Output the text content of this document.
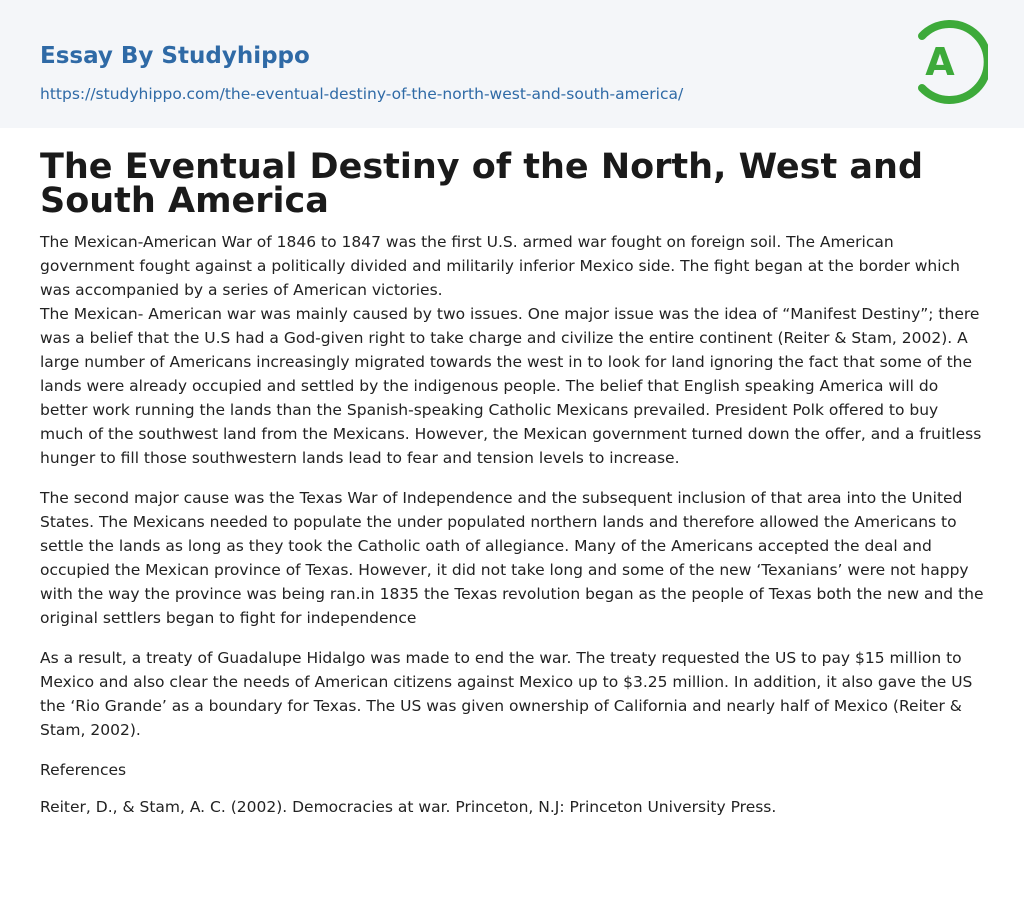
Essay By Studyhippo
https://studyhippo.com/the-eventual-destiny-of-the-north-west-and-south-america/
A
The Eventual Destiny of the North, West and South America

The Mexican-American War of 1846 to 1847 was the first U.S. armed war fought on foreign soil. The American government fought against a politically divided and militarily inferior Mexico side. The fight began at the border which was accompanied by a series of American victories.

The Mexican- American war was mainly caused by two issues. One major issue was the idea of “Manifest Destiny”; there was a belief that the U.S had a God-given right to take charge and civilize the entire continent (Reiter & Stam, 2002). A large number of Americans increasingly migrated towards the west in to look for land ignoring the fact that some of the lands were already occupied and settled by the indigenous people. The belief that English speaking America will do better work running the lands than the Spanish-speaking Catholic Mexicans prevailed. President Polk offered to buy much of the southwest land from the Mexicans. However, the Mexican government turned down the offer, and a fruitless hunger to fill those southwestern lands lead to fear and tension levels to increase.

The second major cause was the Texas War of Independence and the subsequent inclusion of that area into the United States. The Mexicans needed to populate the under populated northern lands and therefore allowed the Americans to settle the lands as long as they took the Catholic oath of allegiance. Many of the Americans accepted the deal and occupied the Mexican province of Texas. However, it did not take long and some of the new ‘Texanians’ were not happy with the way the province was being ran.in 1835 the Texas revolution began as the people of Texas both the new and the original settlers began to fight for independence

As a result, a treaty of Guadalupe Hidalgo was made to end the war. The treaty requested the US to pay $15 million to Mexico and also clear the needs of American citizens against Mexico up to $3.25 million. In addition, it also gave the US the ‘Rio Grande’ as a boundary for Texas. The US was given ownership of California and nearly half of Mexico (Reiter & Stam, 2002).

References

Reiter, D., & Stam, A. C. (2002). Democracies at war. Princeton, N.J: Princeton University Press.
